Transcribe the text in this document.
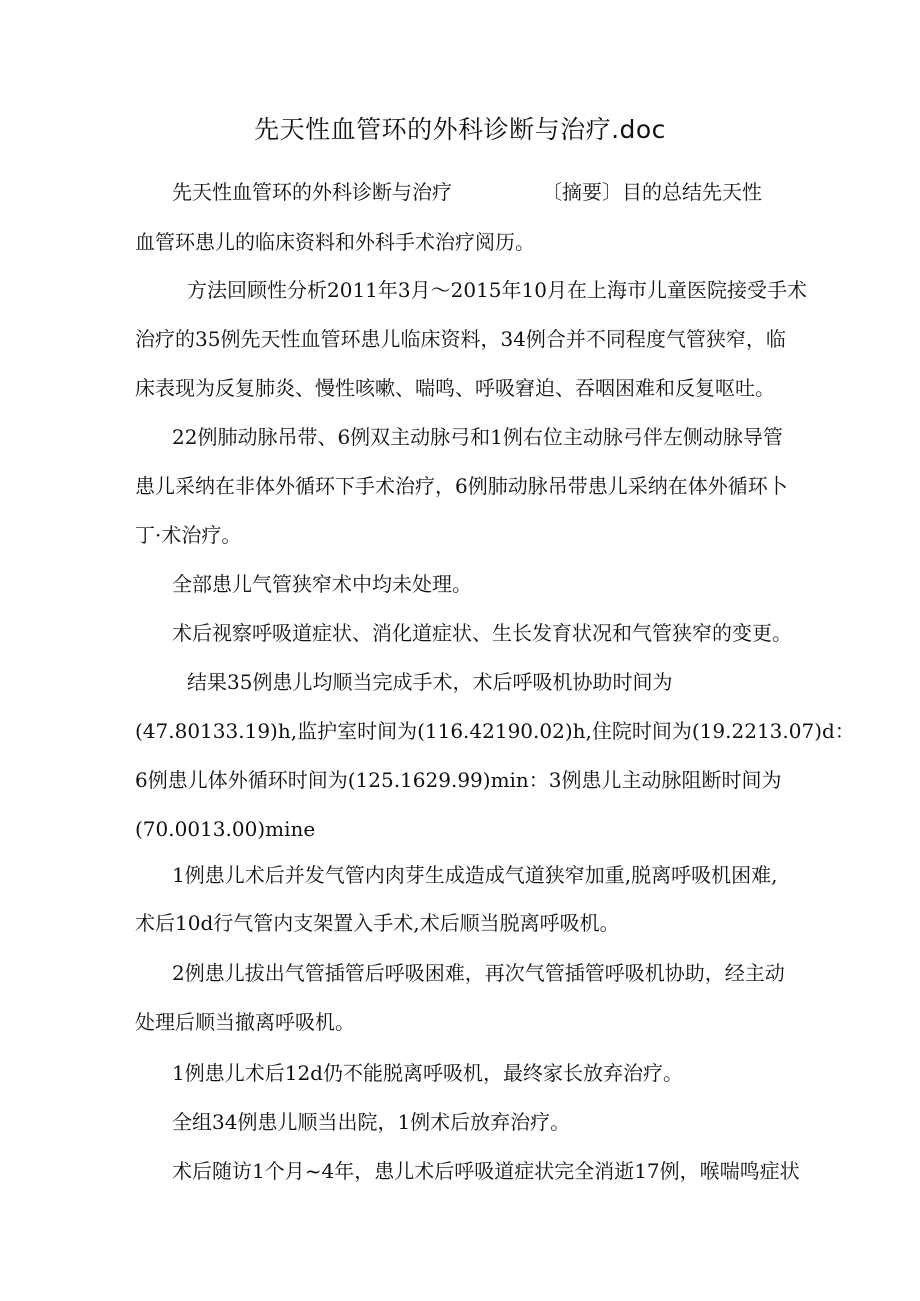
先天性血管环的外科诊断与治疗.doc
先天性血管环的外科诊断与治疗	〔摘要〕目的总结先天性
血管环患儿的临床资料和外科手术治疗阅历。
方法回顾性分析2011年3月～2015年10月在上海市儿童医院接受手术
治疗的35例先天性血管环患儿临床资料，34例合并不同程度气管狭窄，临
床表现为反复肺炎、慢性咳嗽、喘鸣、呼吸窘迫、吞咽困难和反复呕吐。
22例肺动脉吊带、6例双主动脉弓和1例右位主动脉弓伴左侧动脉导管
患儿采纳在非体外循环下手术治疗，6例肺动脉吊带患儿采纳在体外循环卜
丁·术治疗。
全部患儿气管狭窄术中均未处理。
术后视察呼吸道症状、消化道症状、生长发育状况和气管狭窄的变更。
结果35例患儿均顺当完成手术，术后呼吸机协助时间为
(47.80133.19)h,监护室时间为(116.42190.02)h,住院时间为(19.2213.07)d：
6例患儿体外循环时间为(125.1629.99)min：3例患儿主动脉阻断时间为
(70.0013.00)mine
1例患儿术后并发气管内肉芽生成造成气道狭窄加重,脱离呼吸机困难,
术后10d行气管内支架置入手术,术后顺当脱离呼吸机。
2例患儿拔出气管插管后呼吸困难，再次气管插管呼吸机协助，经主动
处理后顺当撤离呼吸机。
1例患儿术后12d仍不能脱离呼吸机，最终家长放弃治疗。
全组34例患儿顺当出院，1例术后放弃治疗。
术后随访1个月~4年，患儿术后呼吸道症状完全消逝17例，喉喘鸣症状
